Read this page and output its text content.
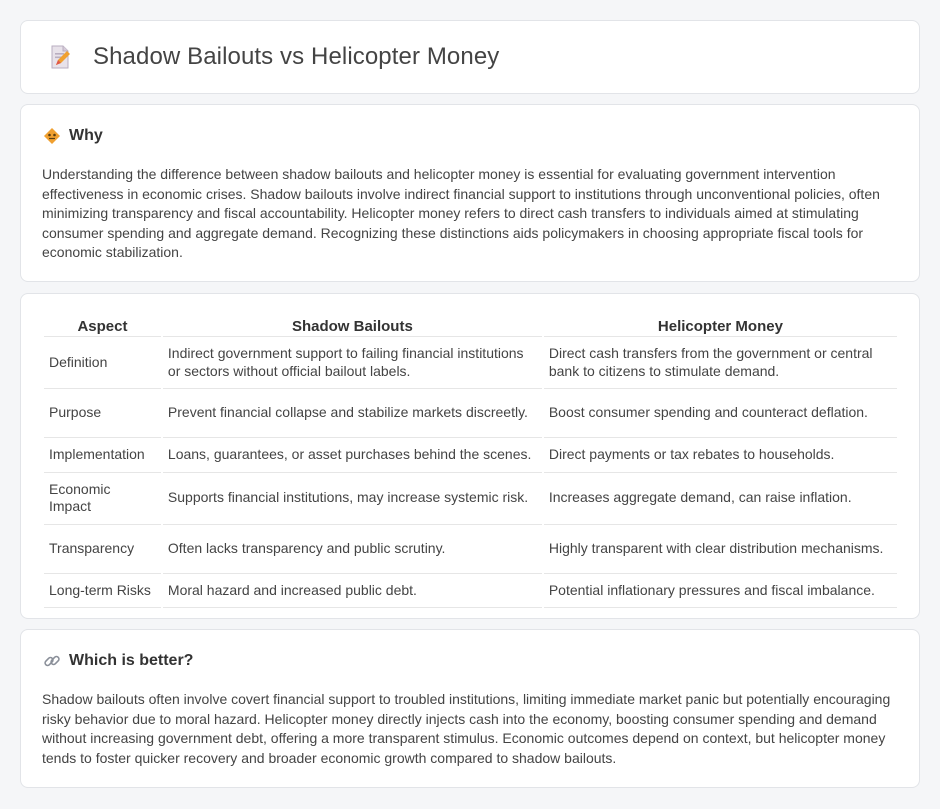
Shadow Bailouts vs Helicopter Money
Why

Understanding the difference between shadow bailouts and helicopter money is essential for evaluating government intervention effectiveness in economic crises. Shadow bailouts involve indirect financial support to institutions through unconventional policies, often minimizing transparency and fiscal accountability. Helicopter money refers to direct cash transfers to individuals aimed at stimulating consumer spending and aggregate demand. Recognizing these distinctions aids policymakers in choosing appropriate fiscal tools for economic stabilization.

Aspect	Shadow Bailouts	Helicopter Money
Definition	Indirect government support to failing financial institutions or sectors without official bailout labels.	Direct cash transfers from the government or central bank to citizens to stimulate demand.
Purpose	Prevent financial collapse and stabilize markets discreetly.	Boost consumer spending and counteract deflation.
Implementation	Loans, guarantees, or asset purchases behind the scenes.	Direct payments or tax rebates to households.
Economic Impact	Supports financial institutions, may increase systemic risk.	Increases aggregate demand, can raise inflation.
Transparency	Often lacks transparency and public scrutiny.	Highly transparent with clear distribution mechanisms.
Long-term Risks	Moral hazard and increased public debt.	Potential inflationary pressures and fiscal imbalance.
Which is better?

Shadow bailouts often involve covert financial support to troubled institutions, limiting immediate market panic but potentially encouraging risky behavior due to moral hazard. Helicopter money directly injects cash into the economy, boosting consumer spending and demand without increasing government debt, offering a more transparent stimulus. Economic outcomes depend on context, but helicopter money tends to foster quicker recovery and broader economic growth compared to shadow bailouts.
